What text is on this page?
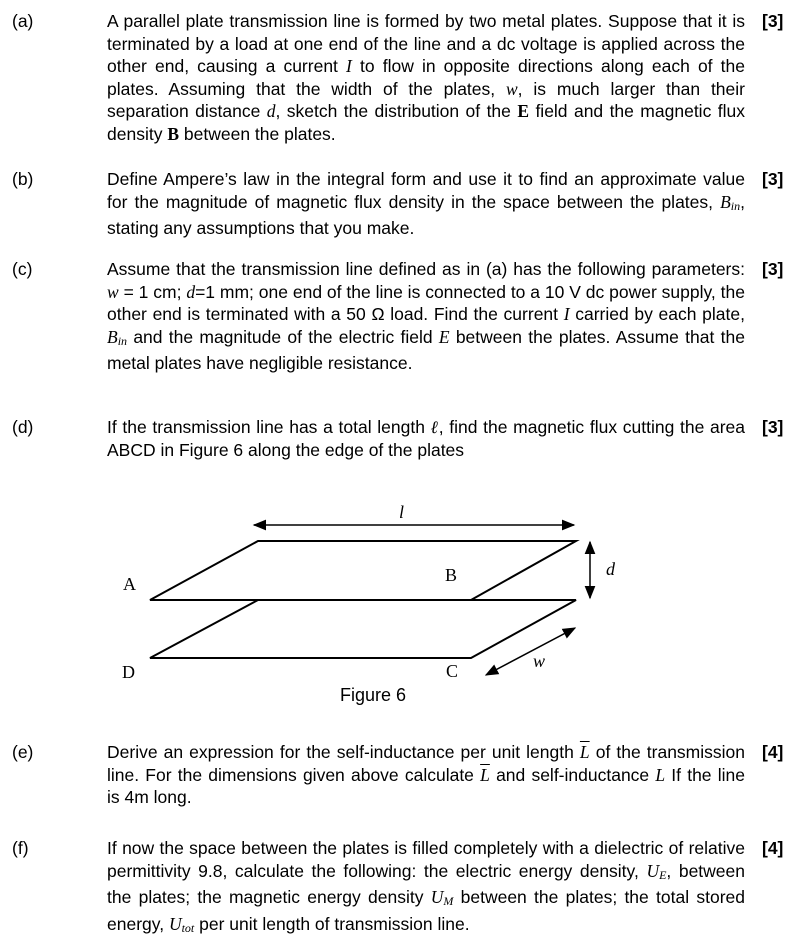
(a)	A parallel plate transmission line is formed by two metal plates. Suppose that it is terminated by a load at one end of the line and a dc voltage is applied across the other end, causing a current I to flow in opposite directions along each of the plates. Assuming that the width of the plates, w, is much larger than their separation distance d, sketch the distribution of the E field and the magnetic flux density B between the plates.
[3]
(b)	Define Ampere’s law in the integral form and use it to find an approximate value for the magnitude of magnetic flux density in the space between the plates, Bin, stating any assumptions that you make.
[3]
(c)	Assume that the transmission line defined as in (a) has the following parameters: w = 1 cm; d=1 mm; one end of the line is connected to a 10 V dc power supply, the other end is terminated with a 50 Ω load. Find the current I carried by each plate, Bin and the magnitude of the electric field E between the plates. Assume that the metal plates have negligible resistance.
[3]
(d)	If the transmission line has a total length ℓ, find the magnetic flux cutting the area ABCD in Figure 6 along the edge of the plates
[3]
l
d
w
A	B
C
D
Figure 6
(e)	Derive an expression for the self-inductance per unit length $\overline{L}$ of the transmission line. For the dimensions given above calculate $\overline{L}$ and self-inductance L If the line is 4m long.
[4]
(f)	If now the space between the plates is filled completely with a dielectric of relative permittivity 9.8, calculate the following: the electric energy density, UE, between the plates; the magnetic energy density UM between the plates; the total stored energy, Utot per unit length of transmission line.
[4]
